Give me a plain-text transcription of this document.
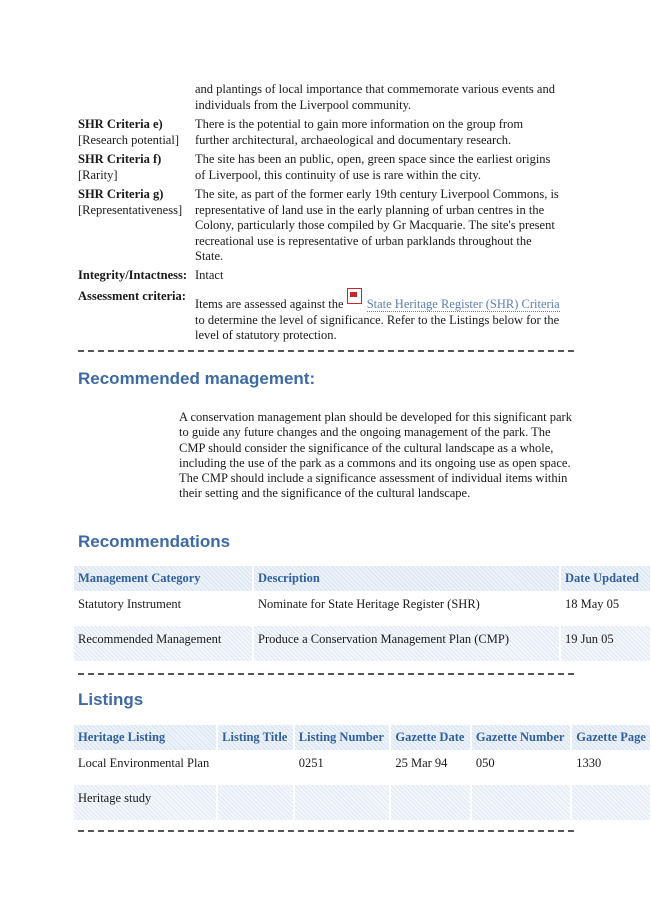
and plantings of local importance that commemorate various events and individuals from the Liverpool community.
SHR Criteria e)
[Research potential]
There is the potential to gain more information on the group from further architectural, archaeological and documentary research.
SHR Criteria f)
[Rarity]
The site has been an public, open, green space since the earliest origins of Liverpool, this continuity of use is rare within the city.
SHR Criteria g)
[Representativeness]
The site, as part of the former early 19th century Liverpool Commons, is representative of land use in the early planning of urban centres in the Colony, particularly those compiled by Gr Macquarie. The site's present recreational use is representative of urban parklands throughout the State.
Integrity/Intactness: Intact
Assessment criteria:
Items are assessed against the State Heritage Register (SHR) Criteria to determine the level of significance. Refer to the Listings below for the level of statutory protection.
Recommended management:
A conservation management plan should be developed for this significant park to guide any future changes and the ongoing management of the park. The CMP should consider the significance of the cultural landscape as a whole, including the use of the park as a commons and its ongoing use as open space. The CMP should include a significance assessment of individual items within their setting and the significance of the cultural landscape.
Recommendations
Management Category	Description	Date Updated
Statutory Instrument	Nominate for State Heritage Register (SHR)	18 May 05
Recommended Management	Produce a Conservation Management Plan (CMP)	19 Jun 05
Listings
Heritage Listing	Listing Title	Listing Number	Gazette Date	Gazette Number	Gazette Page
Local Environmental Plan		0251	25 Mar 94	050	1330
Heritage study					
